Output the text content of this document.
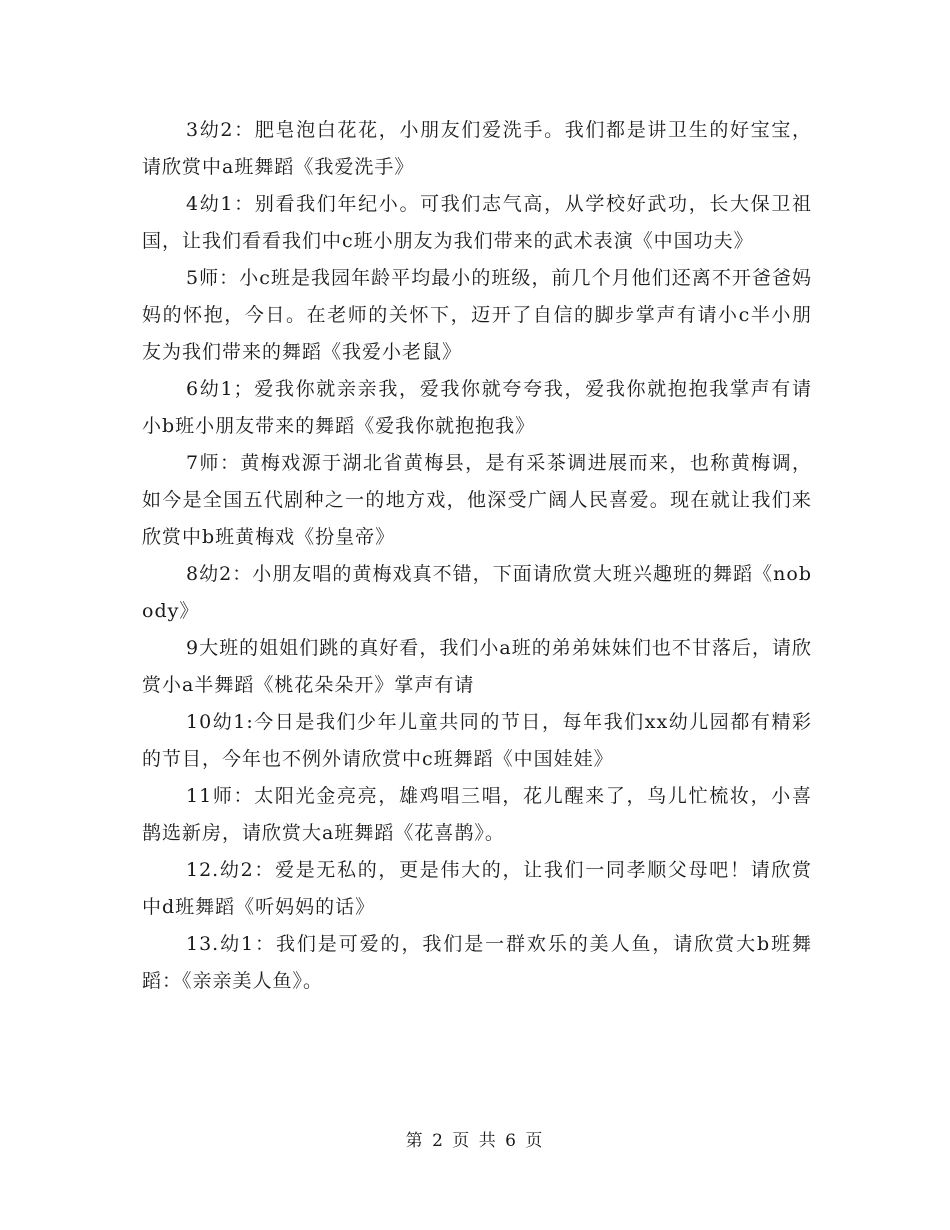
3幼2：肥皂泡白花花，小朋友们爱洗手。我们都是讲卫生的好宝宝，请欣赏中a班舞蹈《我爱洗手》

4幼1：别看我们年纪小。可我们志气高，从学校好武功，长大保卫祖国，让我们看看我们中c班小朋友为我们带来的武术表演《中国功夫》

5师：小c班是我园年龄平均最小的班级，前几个月他们还离不开爸爸妈妈的怀抱，今日。在老师的关怀下，迈开了自信的脚步掌声有请小c半小朋友为我们带来的舞蹈《我爱小老鼠》

6幼1；爱我你就亲亲我，爱我你就夸夸我，爱我你就抱抱我掌声有请小b班小朋友带来的舞蹈《爱我你就抱抱我》

7师：黄梅戏源于湖北省黄梅县，是有采茶调进展而来，也称黄梅调，如今是全国五代剧种之一的地方戏，他深受广阔人民喜爱。现在就让我们来欣赏中b班黄梅戏《扮皇帝》

8幼2：小朋友唱的黄梅戏真不错，下面请欣赏大班兴趣班的舞蹈《nobody》

9大班的姐姐们跳的真好看，我们小a班的弟弟妹妹们也不甘落后，请欣赏小a半舞蹈《桃花朵朵开》掌声有请

10幼1:今日是我们少年儿童共同的节日，每年我们xx幼儿园都有精彩的节目，今年也不例外请欣赏中c班舞蹈《中国娃娃》

11师：太阳光金亮亮，雄鸡唱三唱，花儿醒来了，鸟儿忙梳妆，小喜鹊选新房，请欣赏大a班舞蹈《花喜鹊》。

12.幼2：爱是无私的，更是伟大的，让我们一同孝顺父母吧！请欣赏中d班舞蹈《听妈妈的话》

13.幼1：我们是可爱的，我们是一群欢乐的美人鱼，请欣赏大b班舞蹈：《亲亲美人鱼》。

第 2 页 共 6 页
